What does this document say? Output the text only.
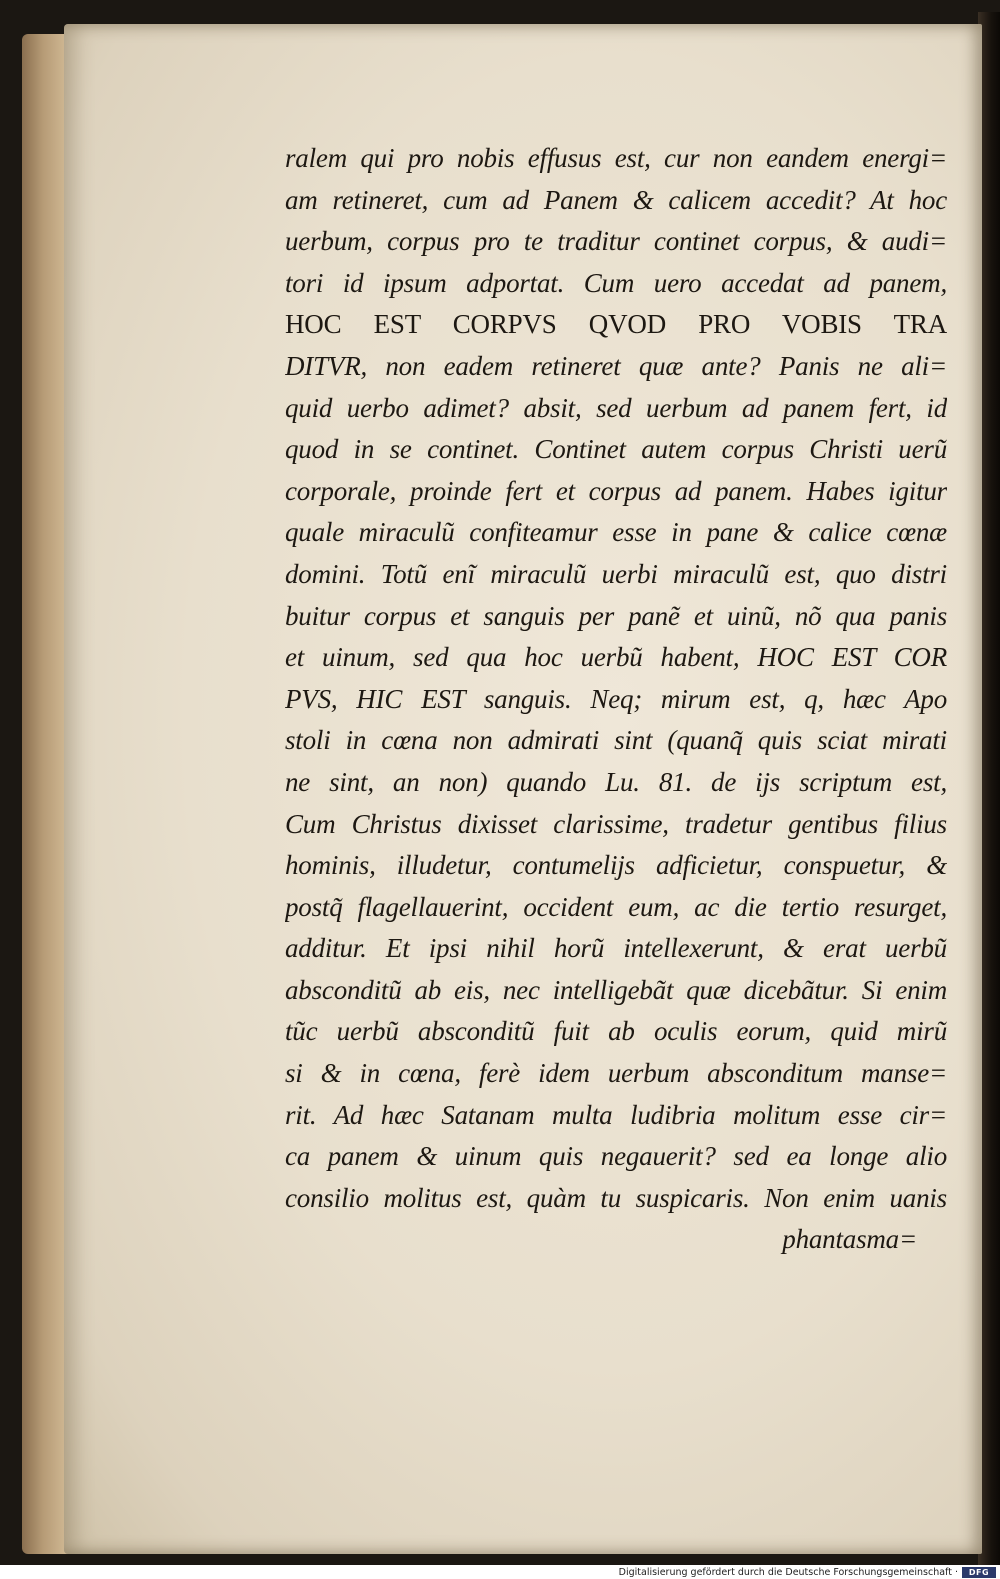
ralem qui pro nobis effusus est, cur non eandem energi=
am retineret, cum ad Panem & calicem accedit? At hoc
uerbum, corpus pro te traditur continet corpus, & audi=
tori id ipsum adportat. Cum uero accedat ad panem,
HOC EST CORPVS QVOD PRO VOBIS TRA
DITVR, non eadem retineret quæ ante? Panis ne ali=
quid uerbo adimet? absit, sed uerbum ad panem fert, id
quod in se continet. Continet autem corpus Christi uerũ
corporale, proinde fert et corpus ad panem. Habes igitur
quale miraculũ confiteamur esse in pane & calice cœnæ
domini. Totũ enĩ miraculũ uerbi miraculũ est, quo distri
buitur corpus et sanguis per panẽ et uinũ, nõ qua panis
et uinum, sed qua hoc uerbũ habent, HOC EST COR
PVS, HIC EST sanguis. Neq; mirum est, q, hæc Apo
stoli in cœna non admirati sint (quanq̃ quis sciat mirati
ne sint, an non) quando Lu. 81. de ijs scriptum est,
Cum Christus dixisset clarissime, tradetur gentibus filius
hominis, illudetur, contumelijs adficietur, conspuetur, &
postq̃ flagellauerint, occident eum, ac die tertio resurget,
additur. Et ipsi nihil horũ intellexerunt, & erat uerbũ
absconditũ ab eis, nec intelligebãt quæ dicebãtur. Si enim
tũc uerbũ absconditũ fuit ab oculis eorum, quid mirũ
si & in cœna, ferè idem uerbum absconditum manse=
rit. Ad hæc Satanam multa ludibria molitum esse cir=
ca panem & uinum quis negauerit? sed ea longe alio
consilio molitus est, quàm tu suspicaris. Non enim uanis
phantasma=
Digitalisierung gefördert durch die Deutsche Forschungsgemeinschaft ·	DFG
